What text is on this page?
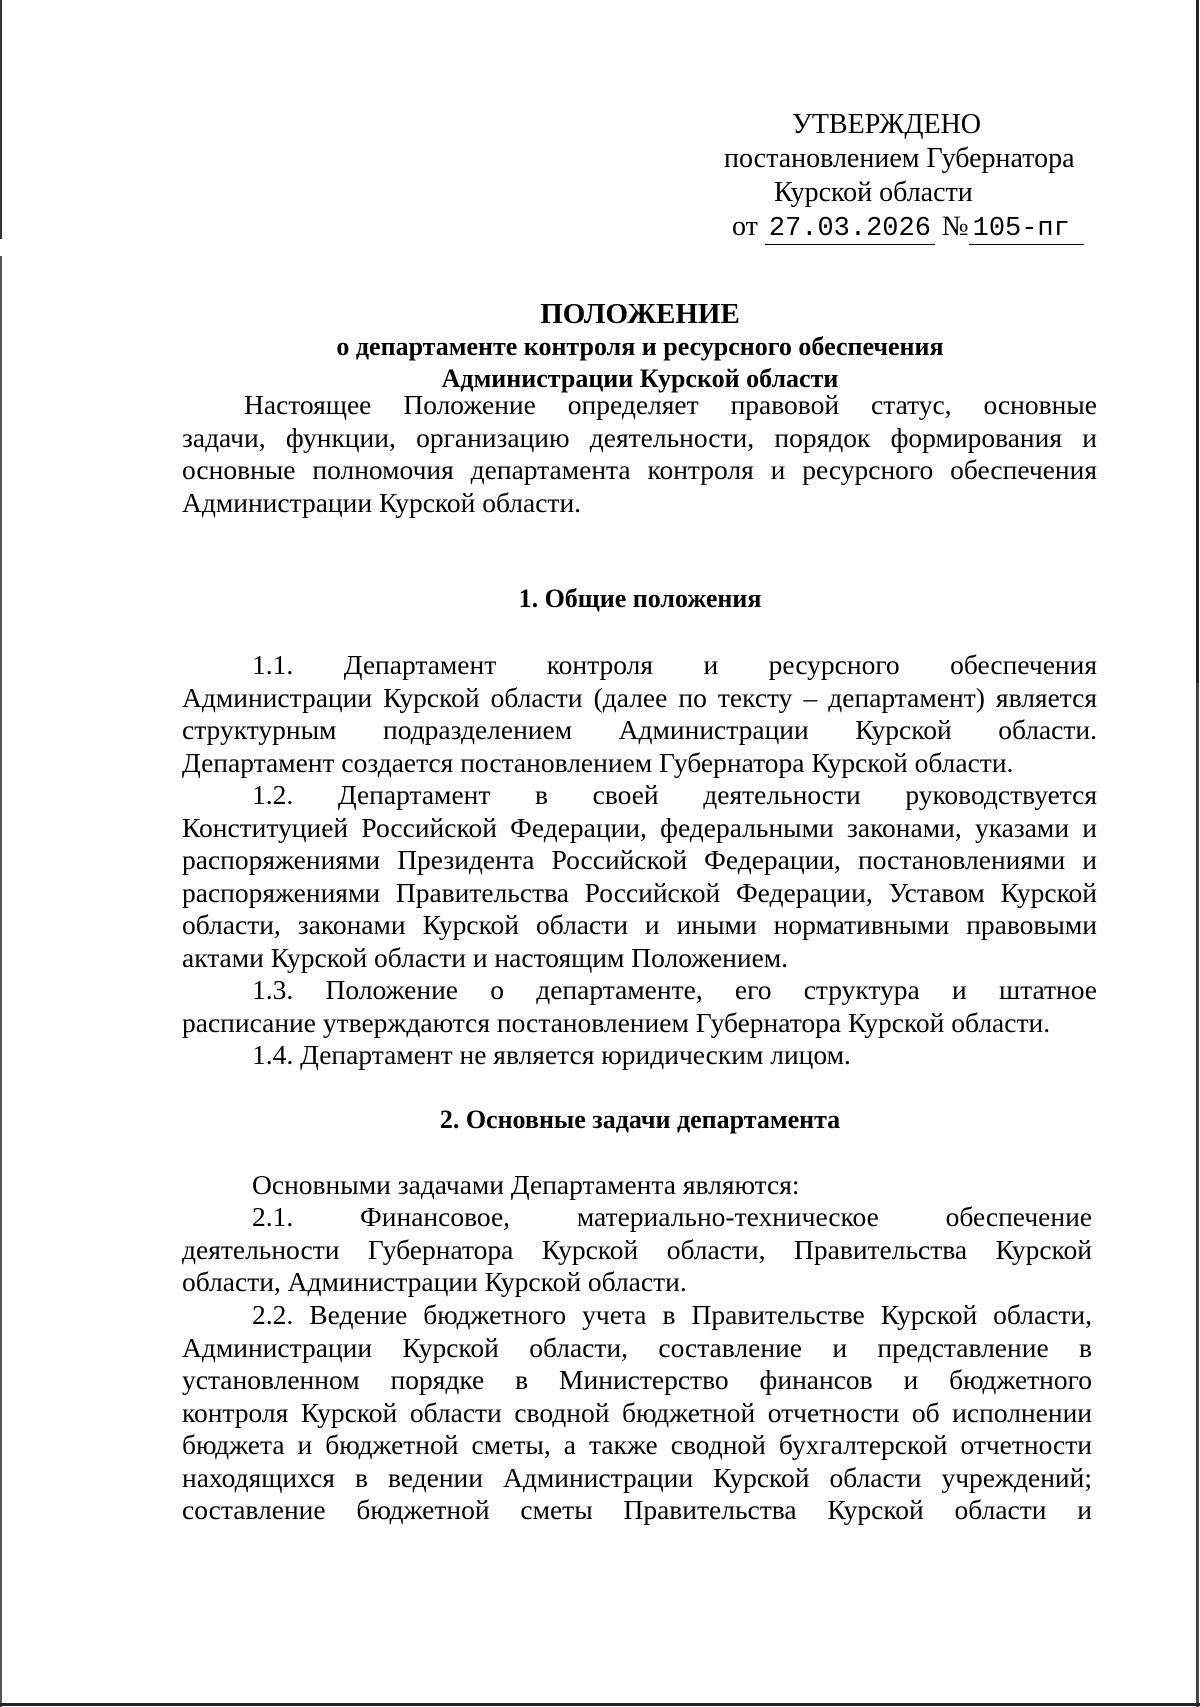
УТВЕРЖДЕНО
постановлением Губернатора
Курской области
от 27.03.2026 № 105-пг
ПОЛОЖЕНИЕ
о департаменте контроля и ресурсного обеспечения
Администрации Курской области
Настоящее Положение определяет правовой статус, основные
задачи, функции, организацию деятельности, порядок формирования и
основные полномочия департамента контроля и ресурсного обеспечения
Администрации Курской области.
1. Общие положения
1.1. Департамент контроля и ресурсного обеспечения
Администрации Курской области (далее по тексту – департамент) является
структурным подразделением Администрации Курской области.
Департамент создается постановлением Губернатора Курской области.
1.2. Департамент в своей деятельности руководствуется
Конституцией Российской Федерации, федеральными законами, указами и
распоряжениями Президента Российской Федерации, постановлениями и
распоряжениями Правительства Российской Федерации, Уставом Курской
области, законами Курской области и иными нормативными правовыми
актами Курской области и настоящим Положением.
1.3. Положение о департаменте, его структура и штатное
расписание утверждаются постановлением Губернатора Курской области.
1.4. Департамент не является юридическим лицом.
2. Основные задачи департамента
Основными задачами Департамента являются:
2.1. Финансовое, материально-техническое обеспечение
деятельности Губернатора Курской области, Правительства Курской
области, Администрации Курской области.
2.2. Ведение бюджетного учета в Правительстве Курской области,
Администрации Курской области, составление и представление в
установленном порядке в Министерство финансов и бюджетного
контроля Курской области сводной бюджетной отчетности об исполнении
бюджета и бюджетной сметы, а также сводной бухгалтерской отчетности
находящихся в ведении Администрации Курской области учреждений;
составление бюджетной сметы Правительства Курской области и
